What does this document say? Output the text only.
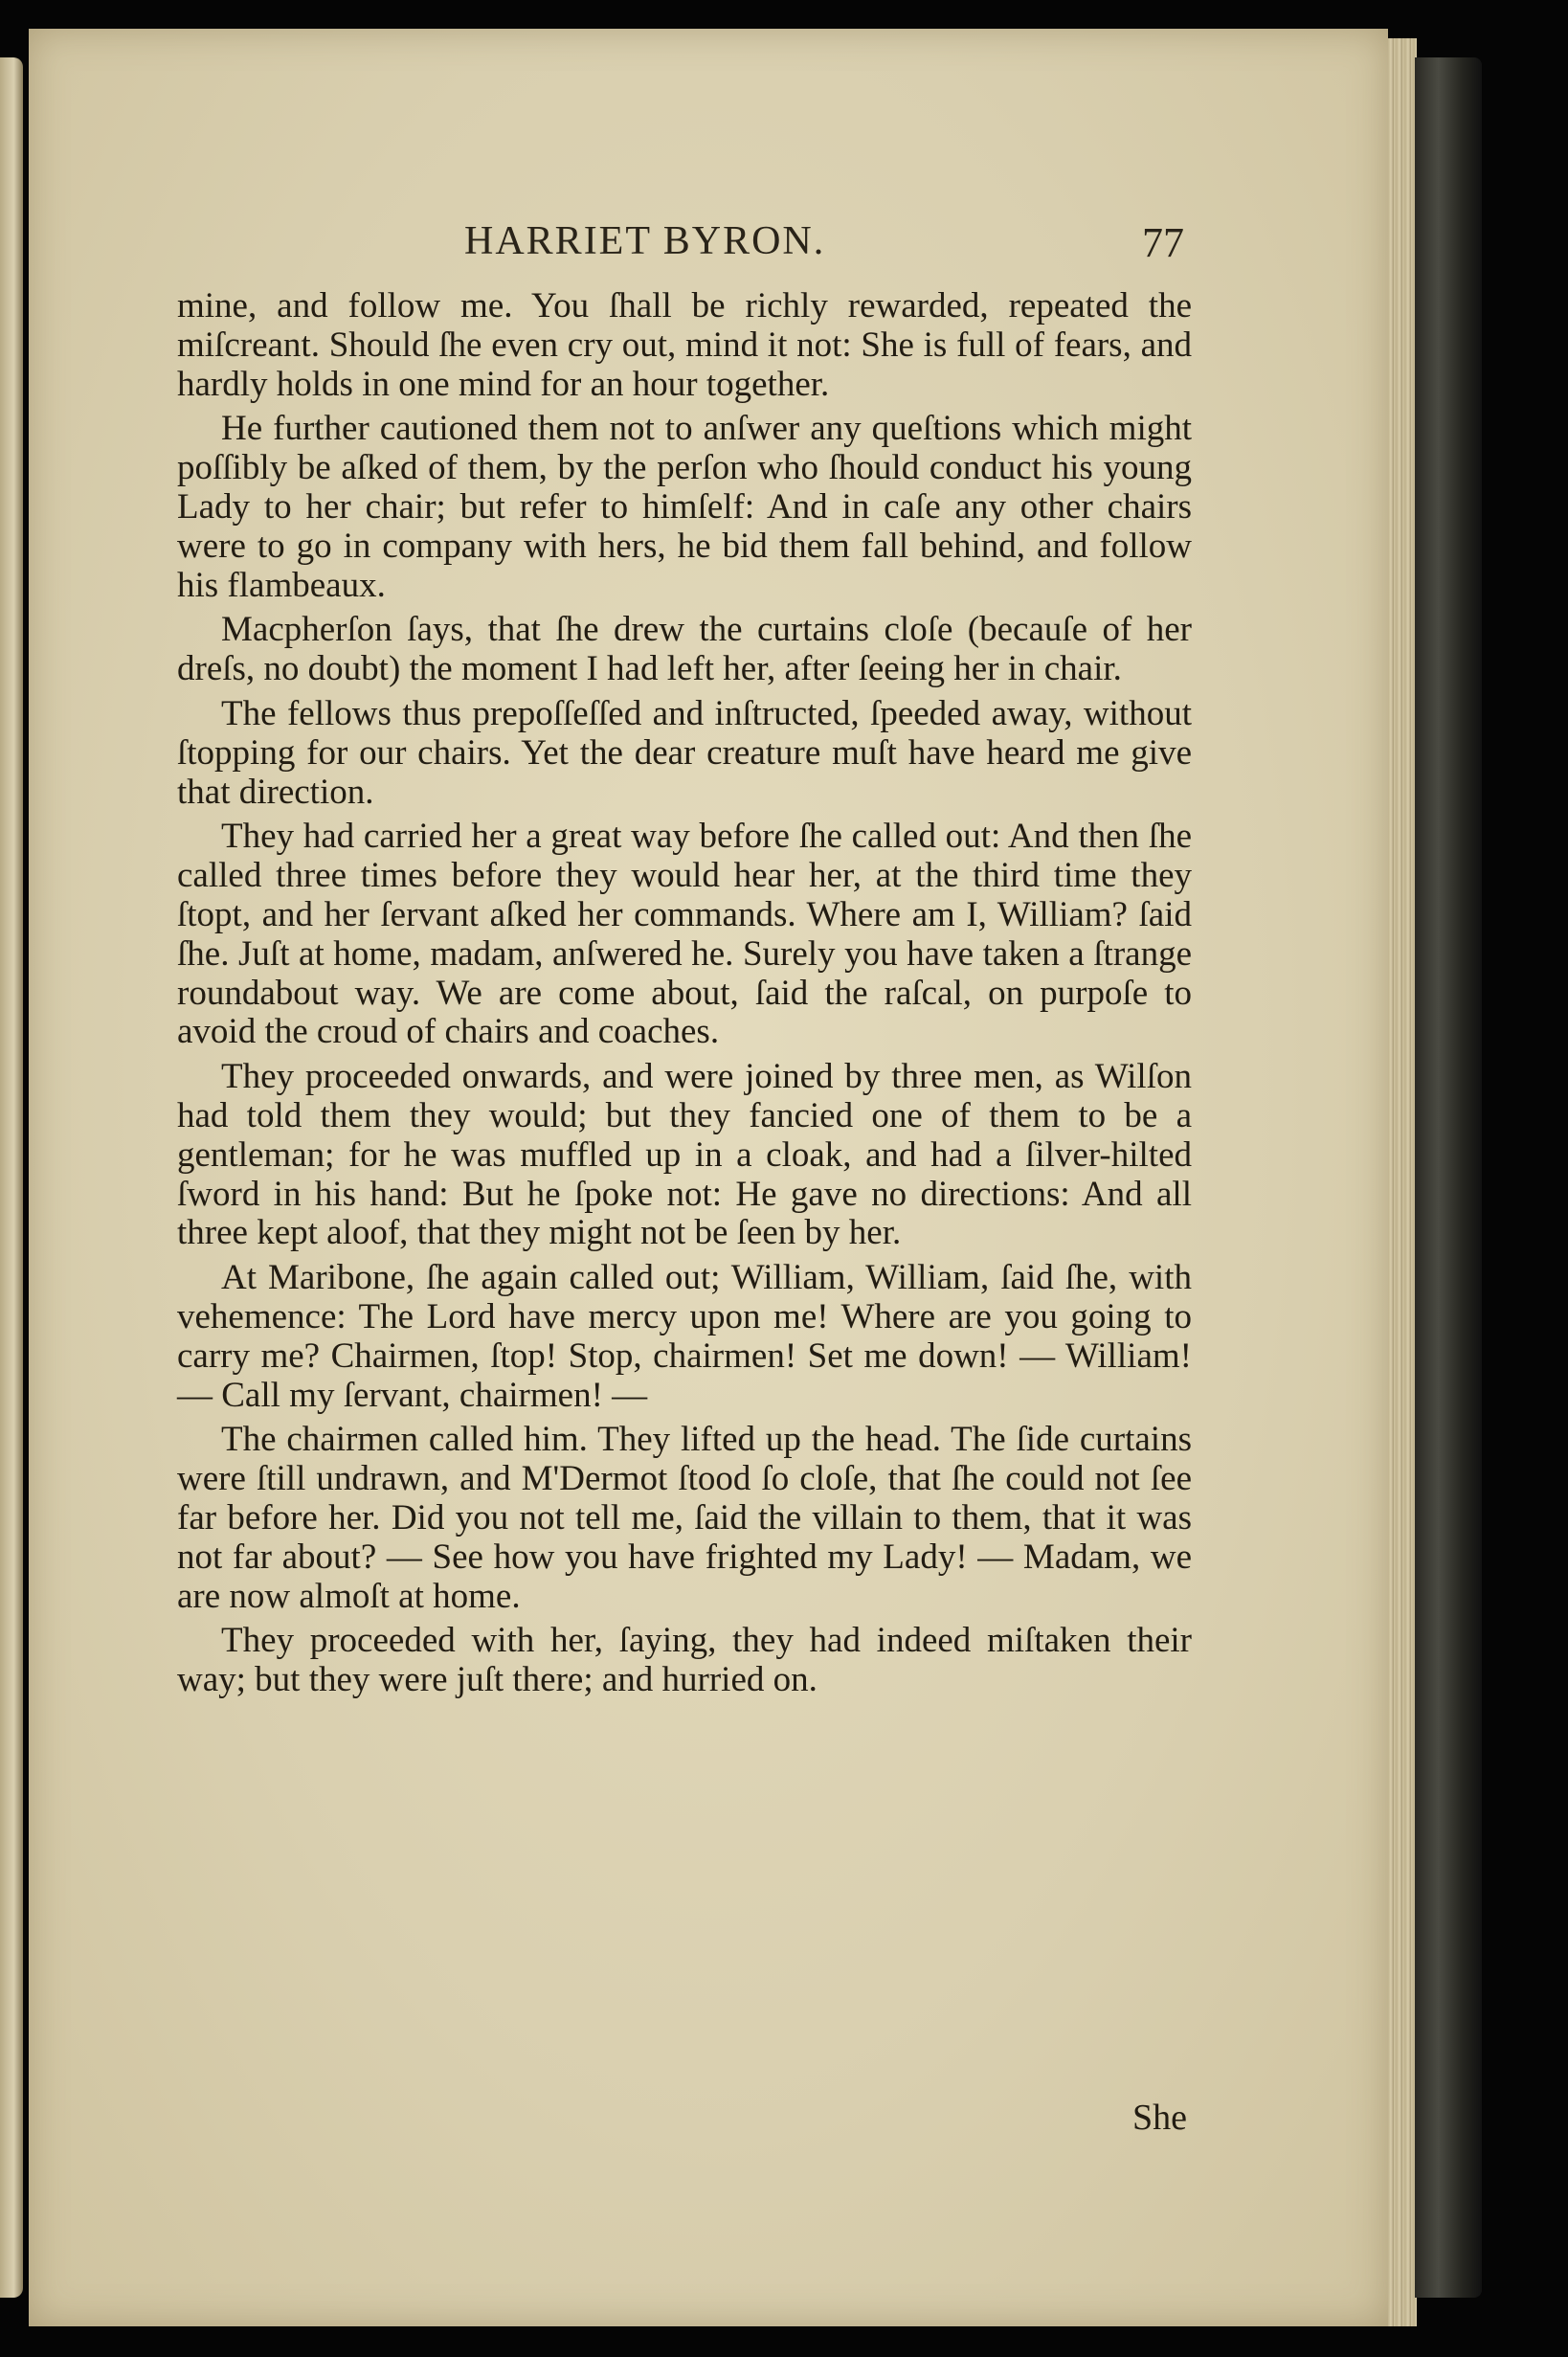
HARRIET BYRON.	77

mine, and follow me. You ſhall be richly rewarded, repeated the miſcreant. Should ſhe even cry out, mind it not: She is full of fears, and hardly holds in one mind for an hour together.

He further cautioned them not to anſwer any queſtions which might poſſibly be aſked of them, by the perſon who ſhould conduct his young Lady to her chair; but refer to himſelf: And in caſe any other chairs were to go in company with hers, he bid them fall behind, and follow his flambeaux.

Macpherſon ſays, that ſhe drew the curtains cloſe (becauſe of her dreſs, no doubt) the moment I had left her, after ſeeing her in chair.

The fellows thus prepoſſeſſed and inſtructed, ſpeeded away, without ſtopping for our chairs. Yet the dear creature muſt have heard me give that direction.

They had carried her a great way before ſhe called out: And then ſhe called three times before they would hear her, at the third time they ſtopt, and her ſervant aſked her commands. Where am I, William? ſaid ſhe. Juſt at home, madam, anſwered he. Surely you have taken a ſtrange roundabout way. We are come about, ſaid the raſcal, on purpoſe to avoid the croud of chairs and coaches.

They proceeded onwards, and were joined by three men, as Wilſon had told them they would; but they fancied one of them to be a gentleman; for he was muffled up in a cloak, and had a ſilver-hilted ſword in his hand: But he ſpoke not: He gave no directions: And all three kept aloof, that they might not be ſeen by her.

At Maribone, ſhe again called out; William, William, ſaid ſhe, with vehemence: The Lord have mercy upon me! Where are you going to carry me? Chairmen, ſtop! Stop, chairmen! Set me down! — William! — Call my ſervant, chairmen! —

The chairmen called him. They lifted up the head. The ſide curtains were ſtill undrawn, and M'Dermot ſtood ſo cloſe, that ſhe could not ſee far before her. Did you not tell me, ſaid the villain to them, that it was not far about? — See how you have frighted my Lady! — Madam, we are now almoſt at home.

They proceeded with her, ſaying, they had indeed miſtaken their way; but they were juſt there; and hurried on.

She
